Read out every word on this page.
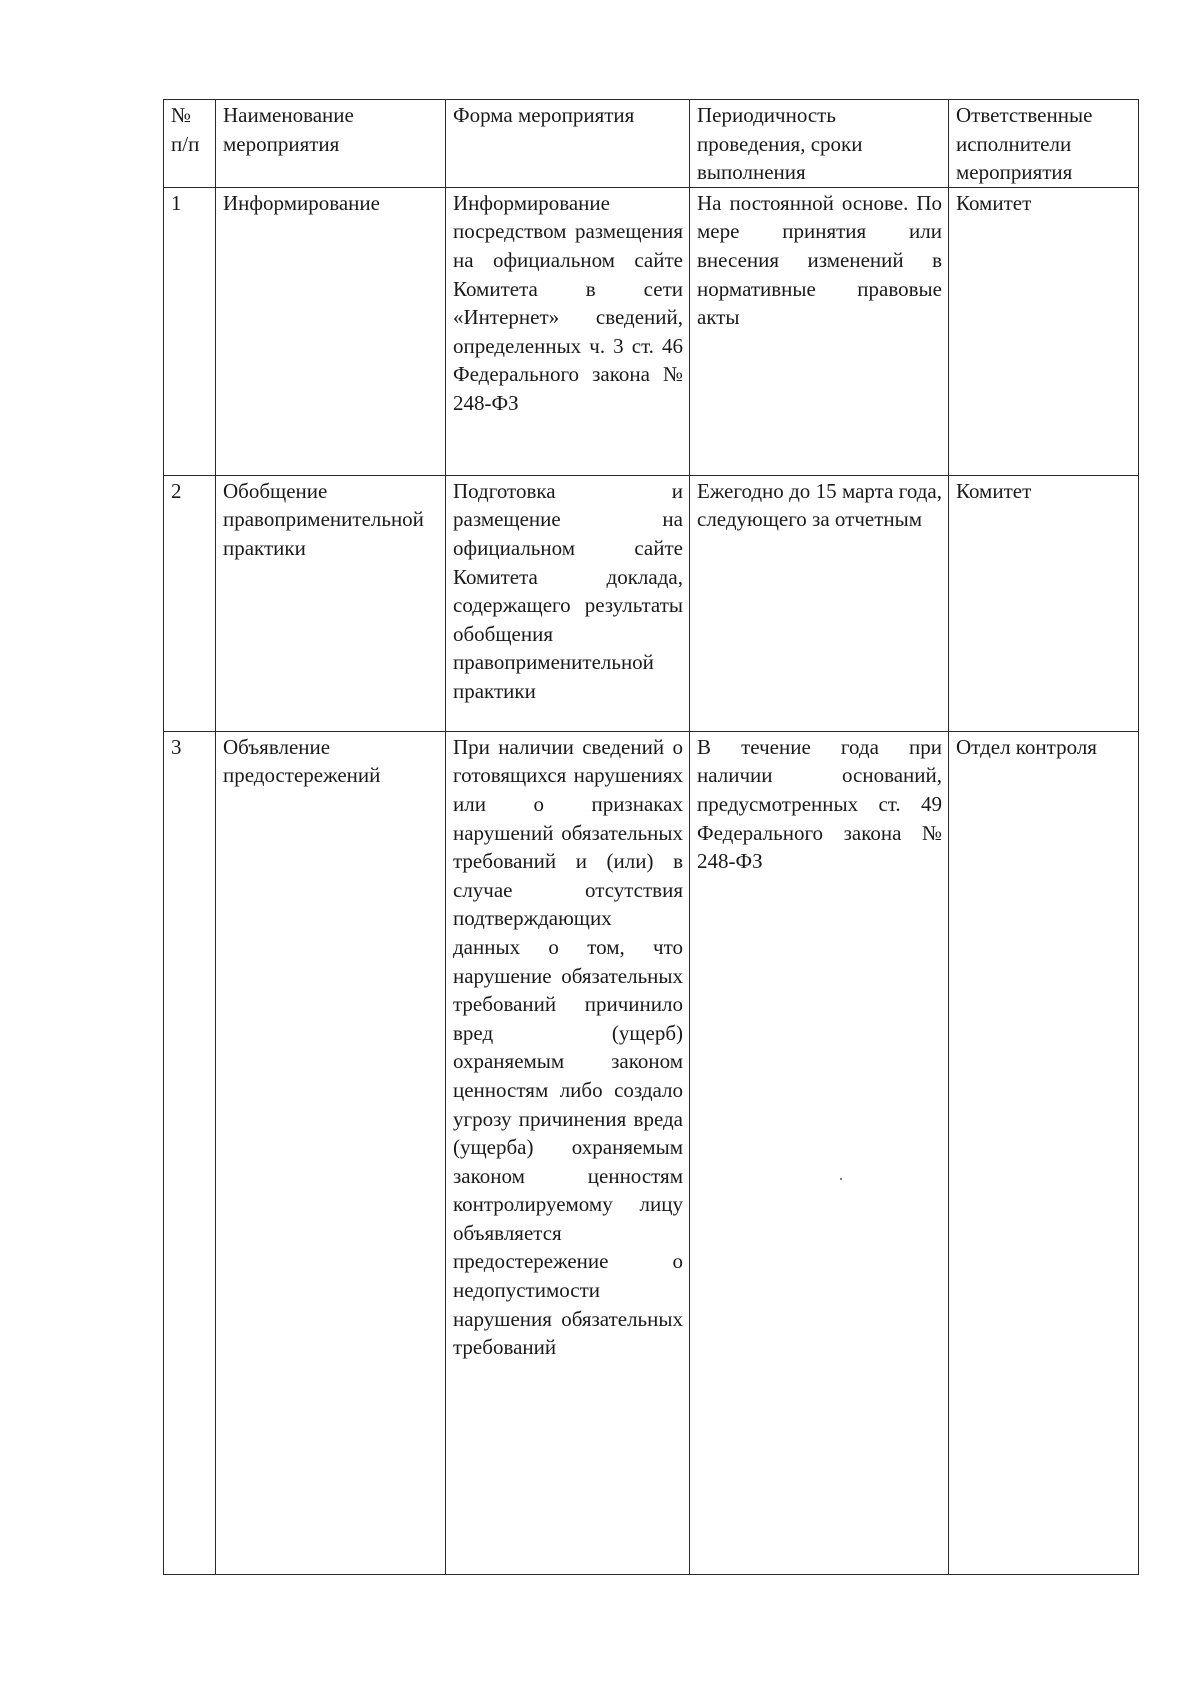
№ п/п	Наименование мероприятия	Форма мероприятия	Периодичность проведения, сроки выполнения	Ответственные исполнители мероприятия

1	Информирование	Информирование посредством размещения на официальном сайте Комитета в сети «Интернет» сведений, определенных ч. 3 ст. 46 Федерального закона № 248-ФЗ	На постоянной основе. По мере принятия или внесения изменений в нормативные правовые акты	Комитет

2	Обобщение правоприменительной практики	Подготовка и размещение на официальном сайте Комитета доклада, содержащего результаты обобщения правоприменительной практики	Ежегодно до 15 марта года, следующего за отчетным	Комитет

3	Объявление предостережений	При наличии сведений о готовящихся нарушениях или о признаках нарушений обязательных требований и (или) в случае отсутствия подтверждающих данных о том, что нарушение обязательных требований причинило вред (ущерб) охраняемым законом ценностям либо создало угрозу причинения вреда (ущерба) охраняемым законом ценностям контролируемому лицу объявляется предостережение о недопустимости нарушения обязательных требований	В течение года при наличии оснований, предусмотренных ст. 49 Федерального закона № 248-ФЗ	Отдел контроля
